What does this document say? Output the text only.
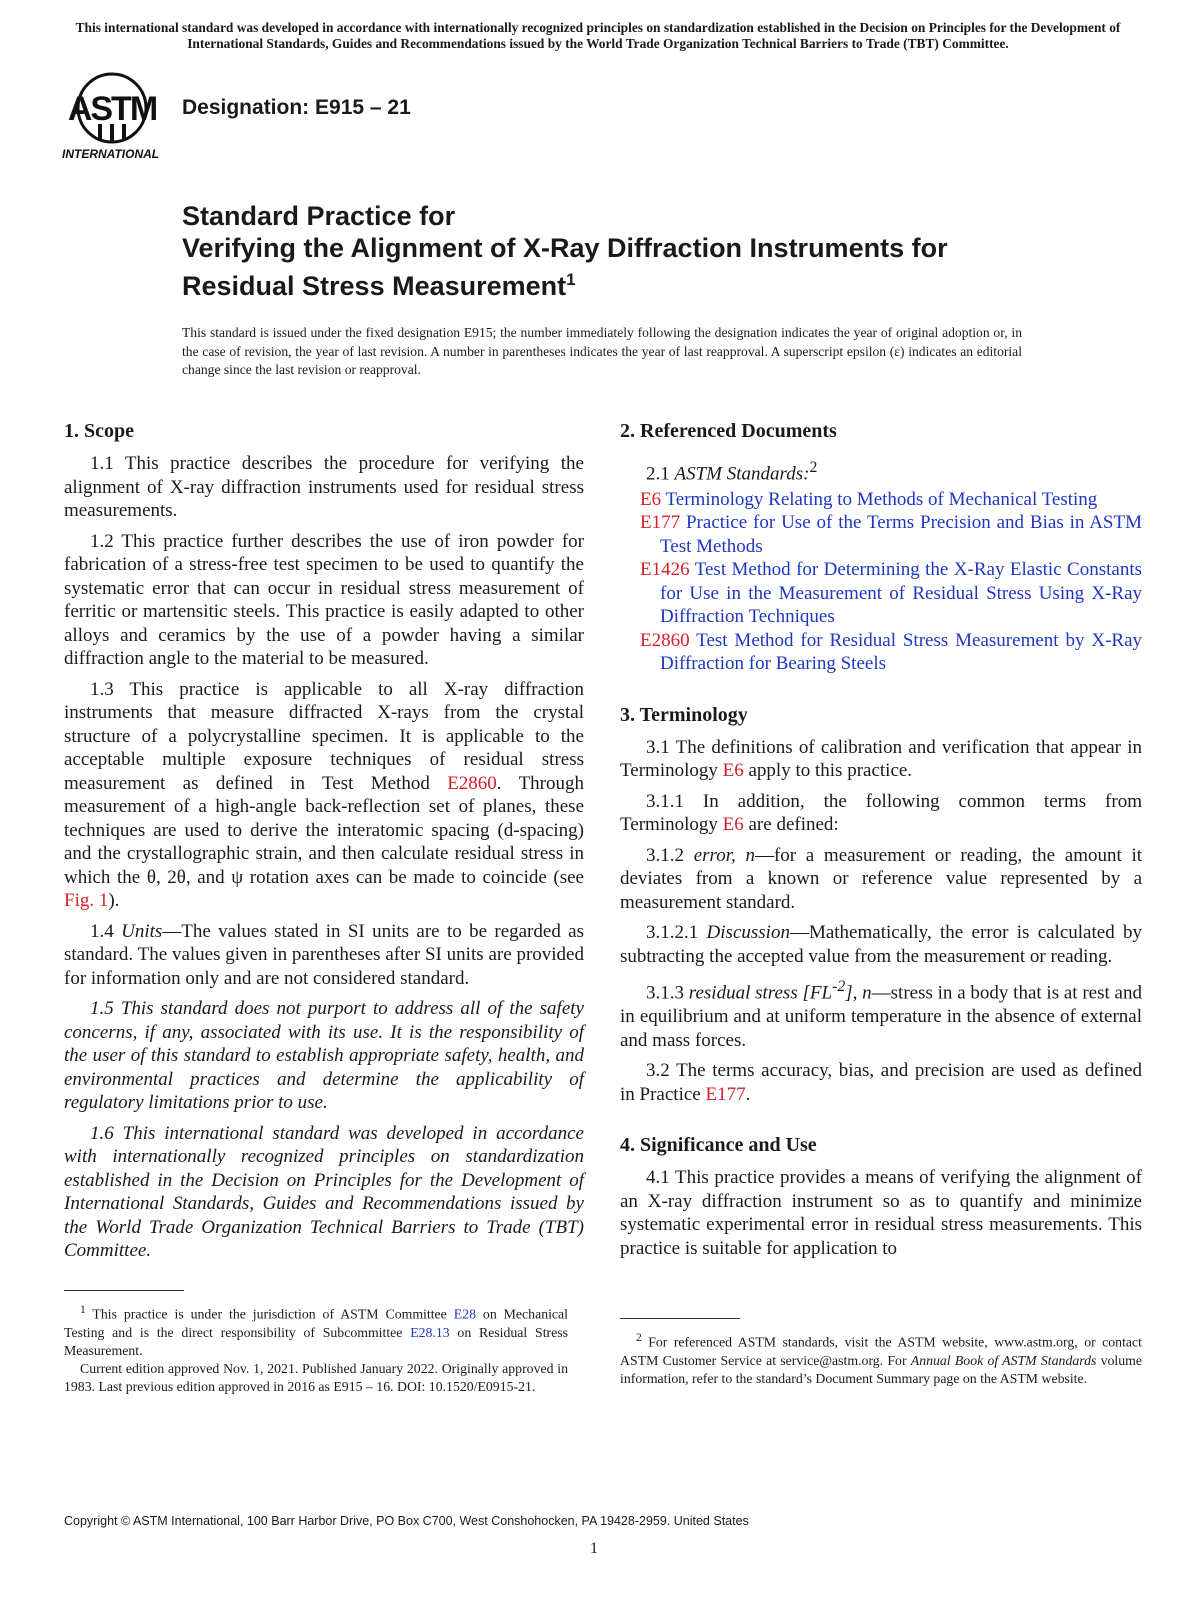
This international standard was developed in accordance with internationally recognized principles on standardization established in the Decision on Principles for the Development of International Standards, Guides and Recommendations issued by the World Trade Organization Technical Barriers to Trade (TBT) Committee.
ASTM
INTERNATIONAL
Designation: E915 – 21
Standard Practice for
Verifying the Alignment of X-Ray Diffraction Instruments for
Residual Stress Measurement$^1$
This standard is issued under the fixed designation E915; the number immediately following the designation indicates the year of original adoption or, in the case of revision, the year of last revision. A number in parentheses indicates the year of last reapproval. A superscript epsilon (ε) indicates an editorial change since the last revision or reapproval.
1. Scope

1.1 This practice describes the procedure for verifying the alignment of X-ray diffraction instruments used for residual stress measurements.

1.2 This practice further describes the use of iron powder for fabrication of a stress-free test specimen to be used to quantify the systematic error that can occur in residual stress measurement of ferritic or martensitic steels. This practice is easily adapted to other alloys and ceramics by the use of a powder having a similar diffraction angle to the material to be measured.

1.3 This practice is applicable to all X-ray diffraction instruments that measure diffracted X-rays from the crystal structure of a polycrystalline specimen. It is applicable to the acceptable multiple exposure techniques of residual stress measurement as defined in Test Method E2860. Through measurement of a high-angle back-reflection set of planes, these techniques are used to derive the interatomic spacing (d-spacing) and the crystallographic strain, and then calculate residual stress in which the θ, 2θ, and ψ rotation axes can be made to coincide (see Fig. 1).

1.4 Units—The values stated in SI units are to be regarded as standard. The values given in parentheses after SI units are provided for information only and are not considered standard.

1.5 This standard does not purport to address all of the safety concerns, if any, associated with its use. It is the responsibility of the user of this standard to establish appropriate safety, health, and environmental practices and determine the applicability of regulatory limitations prior to use.

1.6 This international standard was developed in accordance with internationally recognized principles on standardization established in the Decision on Principles for the Development of International Standards, Guides and Recommendations issued by the World Trade Organization Technical Barriers to Trade (TBT) Committee.

2. Referenced Documents

2.1 ASTM Standards:$^2$

E6 Terminology Relating to Methods of Mechanical Testing

E177 Practice for Use of the Terms Precision and Bias in ASTM Test Methods

E1426 Test Method for Determining the X-Ray Elastic Constants for Use in the Measurement of Residual Stress Using X-Ray Diffraction Techniques

E2860 Test Method for Residual Stress Measurement by X-Ray Diffraction for Bearing Steels

3. Terminology

3.1 The definitions of calibration and verification that appear in Terminology E6 apply to this practice.

3.1.1 In addition, the following common terms from Terminology E6 are defined:

3.1.2 error, n—for a measurement or reading, the amount it deviates from a known or reference value represented by a measurement standard.

3.1.2.1 Discussion—Mathematically, the error is calculated by subtracting the accepted value from the measurement or reading.

3.1.3 residual stress $[FL^{-2}]$, n—stress in a body that is at rest and in equilibrium and at uniform temperature in the absence of external and mass forces.

3.2 The terms accuracy, bias, and precision are used as defined in Practice E177.

4. Significance and Use

4.1 This practice provides a means of verifying the alignment of an X-ray diffraction instrument so as to quantify and minimize systematic experimental error in residual stress measurements. This practice is suitable for application to

$^1$ This practice is under the jurisdiction of ASTM Committee E28 on Mechanical Testing and is the direct responsibility of Subcommittee E28.13 on Residual Stress Measurement.

Current edition approved Nov. 1, 2021. Published January 2022. Originally approved in 1983. Last previous edition approved in 2016 as E915 – 16. DOI: 10.1520/E0915-21.

$^2$ For referenced ASTM standards, visit the ASTM website, www.astm.org, or contact ASTM Customer Service at service@astm.org. For Annual Book of ASTM Standards volume information, refer to the standard’s Document Summary page on the ASTM website.

Copyright © ASTM International, 100 Barr Harbor Drive, PO Box C700, West Conshohocken, PA 19428-2959. United States
1
